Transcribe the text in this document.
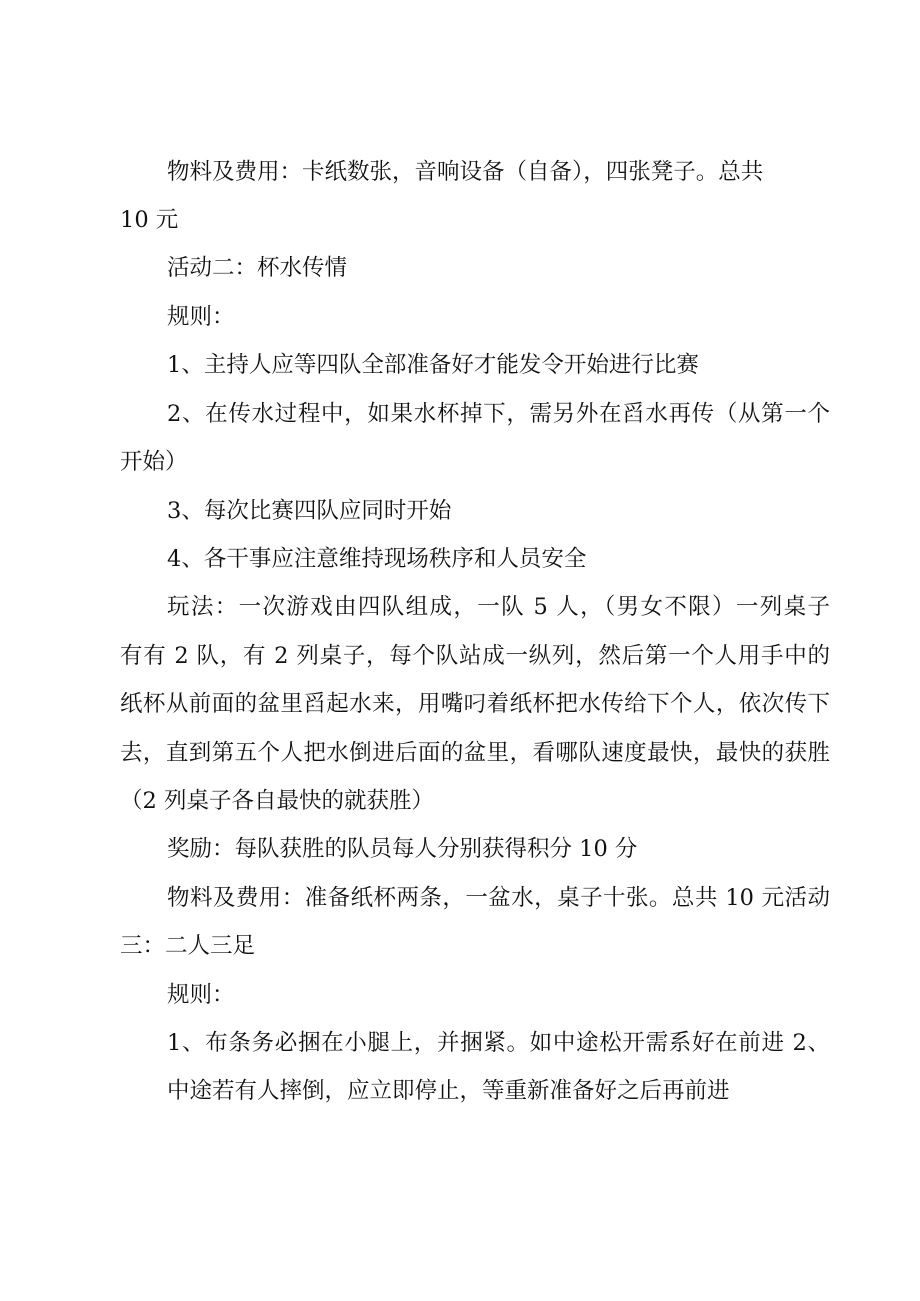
物料及费用：卡纸数张，音响设备（自备），四张凳子。总共
10 元
活动二：杯水传情
规则：
1、主持人应等四队全部准备好才能发令开始进行比赛
2、在传水过程中，如果水杯掉下，需另外在舀水再传（从第一个
开始）
3、每次比赛四队应同时开始
4、各干事应注意维持现场秩序和人员安全
玩法：一次游戏由四队组成，一队 5 人，（男女不限）一列桌子
有有 2 队，有 2 列桌子，每个队站成一纵列，然后第一个人用手中的
纸杯从前面的盆里舀起水来，用嘴叼着纸杯把水传给下个人，依次传下
去，直到第五个人把水倒进后面的盆里，看哪队速度最快，最快的获胜
（2 列桌子各自最快的就获胜）
奖励：每队获胜的队员每人分别获得积分 10 分
物料及费用：准备纸杯两条，一盆水，桌子十张。总共 10 元活动
三：二人三足
规则：
1、布条务必捆在小腿上，并捆紧。如中途松开需系好在前进 2、
中途若有人摔倒，应立即停止，等重新准备好之后再前进
